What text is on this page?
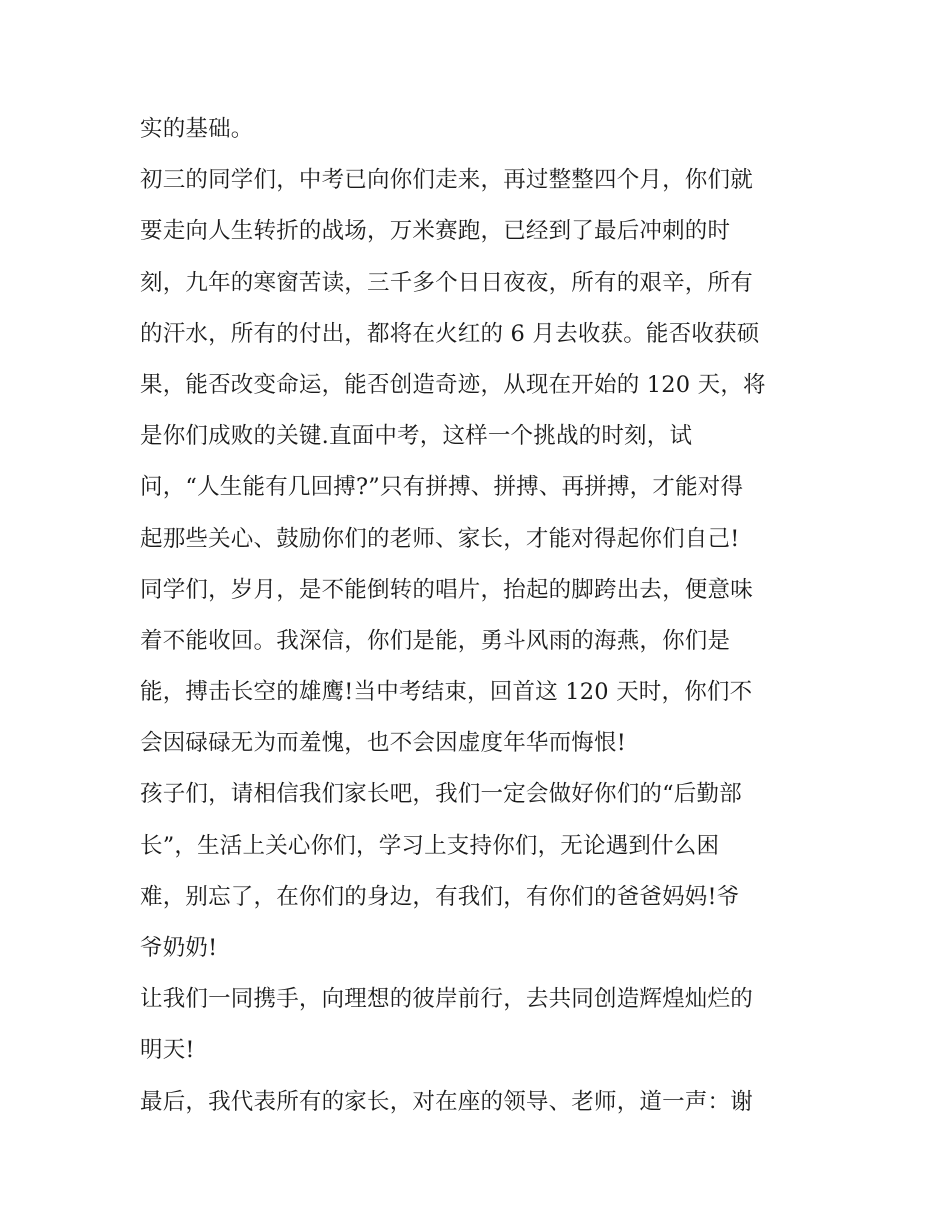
实的基础。
初三的同学们，中考已向你们走来，再过整整四个月，你们就
要走向人生转折的战场，万米赛跑，已经到了最后冲刺的时
刻，九年的寒窗苦读，三千多个日日夜夜，所有的艰辛，所有
的汗水，所有的付出，都将在火红的 6 月去收获。能否收获硕
果，能否改变命运，能否创造奇迹，从现在开始的 120 天，将
是你们成败的关键.直面中考，这样一个挑战的时刻，试
问，“人生能有几回搏?”只有拼搏、拼搏、再拼搏，才能对得
起那些关心、鼓励你们的老师、家长，才能对得起你们自己!
同学们，岁月，是不能倒转的唱片，抬起的脚跨出去，便意味
着不能收回。我深信，你们是能，勇斗风雨的海燕，你们是
能，搏击长空的雄鹰!当中考结束，回首这 120 天时，你们不
会因碌碌无为而羞愧，也不会因虚度年华而悔恨!
孩子们，请相信我们家长吧，我们一定会做好你们的“后勤部
长”，生活上关心你们，学习上支持你们，无论遇到什么困
难，别忘了，在你们的身边，有我们，有你们的爸爸妈妈!爷
爷奶奶!
让我们一同携手，向理想的彼岸前行，去共同创造辉煌灿烂的
明天!
最后，我代表所有的家长，对在座的领导、老师，道一声：谢
